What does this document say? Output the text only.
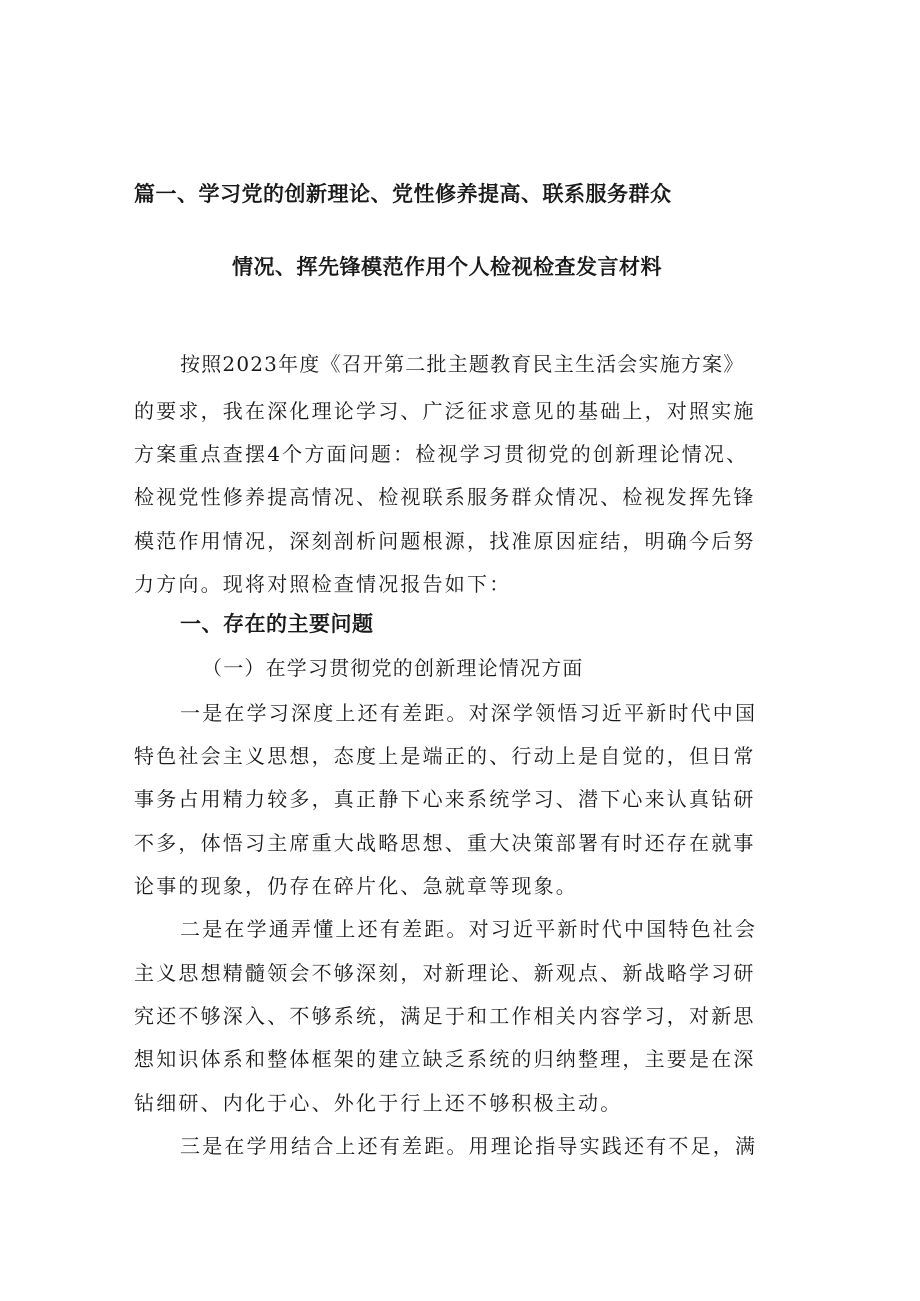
篇一、学习党的创新理论、党性修养提高、联系服务群众
情况、挥先锋模范作用个人检视检查发言材料
按照2023年度《召开第二批主题教育民主生活会实施方案》
的要求，我在深化理论学习、广泛征求意见的基础上，对照实施
方案重点查摆4个方面问题：检视学习贯彻党的创新理论情况、
检视党性修养提高情况、检视联系服务群众情况、检视发挥先锋
模范作用情况，深刻剖析问题根源，找准原因症结，明确今后努
力方向。现将对照检查情况报告如下：
一、存在的主要问题
（一）在学习贯彻党的创新理论情况方面
一是在学习深度上还有差距。对深学领悟习近平新时代中国
特色社会主义思想，态度上是端正的、行动上是自觉的，但日常
事务占用精力较多，真正静下心来系统学习、潜下心来认真钻研
不多，体悟习主席重大战略思想、重大决策部署有时还存在就事
论事的现象，仍存在碎片化、急就章等现象。
二是在学通弄懂上还有差距。对习近平新时代中国特色社会
主义思想精髓领会不够深刻，对新理论、新观点、新战略学习研
究还不够深入、不够系统，满足于和工作相关内容学习，对新思
想知识体系和整体框架的建立缺乏系统的归纳整理，主要是在深
钻细研、内化于心、外化于行上还不够积极主动。
三是在学用结合上还有差距。用理论指导实践还有不足，满
